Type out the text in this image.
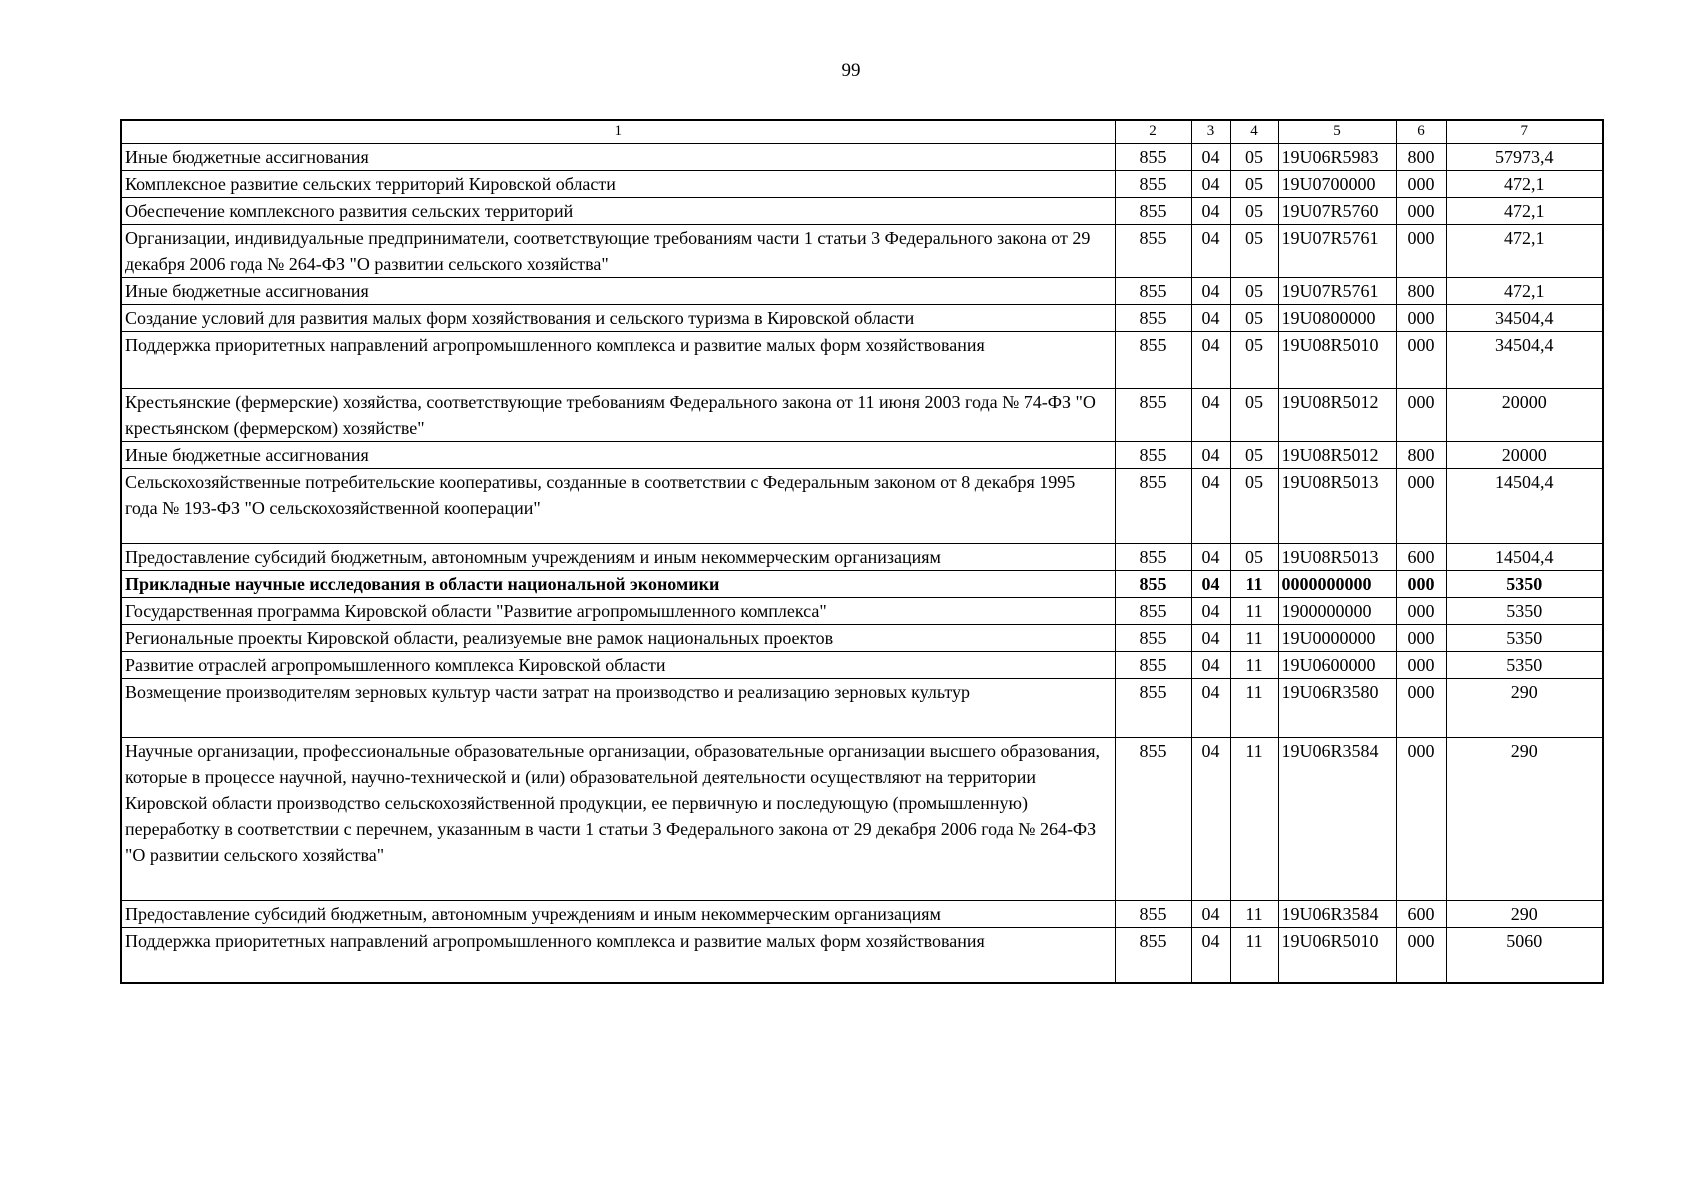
99
1	2	3	4	5	6	7
Иные бюджетные ассигнования	855	04	05	19U06R5983	800	57973,4
Комплексное развитие сельских территорий Кировской области	855	04	05	19U0700000	000	472,1
Обеспечение комплексного развития сельских территорий	855	04	05	19U07R5760	000	472,1
Организации, индивидуальные предприниматели, соответствующие требованиям части 1 статьи 3 Федерального закона от 29 декабря 2006 года № 264-ФЗ "О развитии сельского хозяйства"	855	04	05	19U07R5761	000	472,1
Иные бюджетные ассигнования	855	04	05	19U07R5761	800	472,1
Создание условий для развития малых форм хозяйствования и сельского туризма в Кировской области	855	04	05	19U0800000	000	34504,4
Поддержка приоритетных направлений агропромышленного комплекса и развитие малых форм хозяйствования	855	04	05	19U08R5010	000	34504,4
Крестьянские (фермерские) хозяйства, соответствующие требованиям Федерального закона от 11 июня 2003 года № 74-ФЗ "О крестьянском (фермерском) хозяйстве"	855	04	05	19U08R5012	000	20000
Иные бюджетные ассигнования	855	04	05	19U08R5012	800	20000
Сельскохозяйственные потребительские кооперативы, созданные в соответствии с Федеральным законом от 8 декабря 1995 года № 193-ФЗ "О сельскохозяйственной кооперации"	855	04	05	19U08R5013	000	14504,4
Предоставление субсидий бюджетным, автономным учреждениям и иным некоммерческим организациям	855	04	05	19U08R5013	600	14504,4
Прикладные научные исследования в области национальной экономики	855	04	11	0000000000	000	5350
Государственная программа Кировской области "Развитие агропромышленного комплекса"	855	04	11	1900000000	000	5350
Региональные проекты Кировской области, реализуемые вне рамок национальных проектов	855	04	11	19U0000000	000	5350
Развитие отраслей агропромышленного комплекса Кировской области	855	04	11	19U0600000	000	5350
Возмещение производителям зерновых культур части затрат на производство и реализацию зерновых культур	855	04	11	19U06R3580	000	290
Научные организации, профессиональные образовательные организации, образовательные организации высшего образования, которые в процессе научной, научно-технической и (или) образовательной деятельности осуществляют на территории Кировской области производство сельскохозяйственной продукции, ее первичную и последующую (промышленную) переработку в соответствии с перечнем, указанным в части 1 статьи 3 Федерального закона от 29 декабря 2006 года № 264-ФЗ "О развитии сельского хозяйства"	855	04	11	19U06R3584	000	290
Предоставление субсидий бюджетным, автономным учреждениям и иным некоммерческим организациям	855	04	11	19U06R3584	600	290
Поддержка приоритетных направлений агропромышленного комплекса и развитие малых форм хозяйствования	855	04	11	19U06R5010	000	5060
